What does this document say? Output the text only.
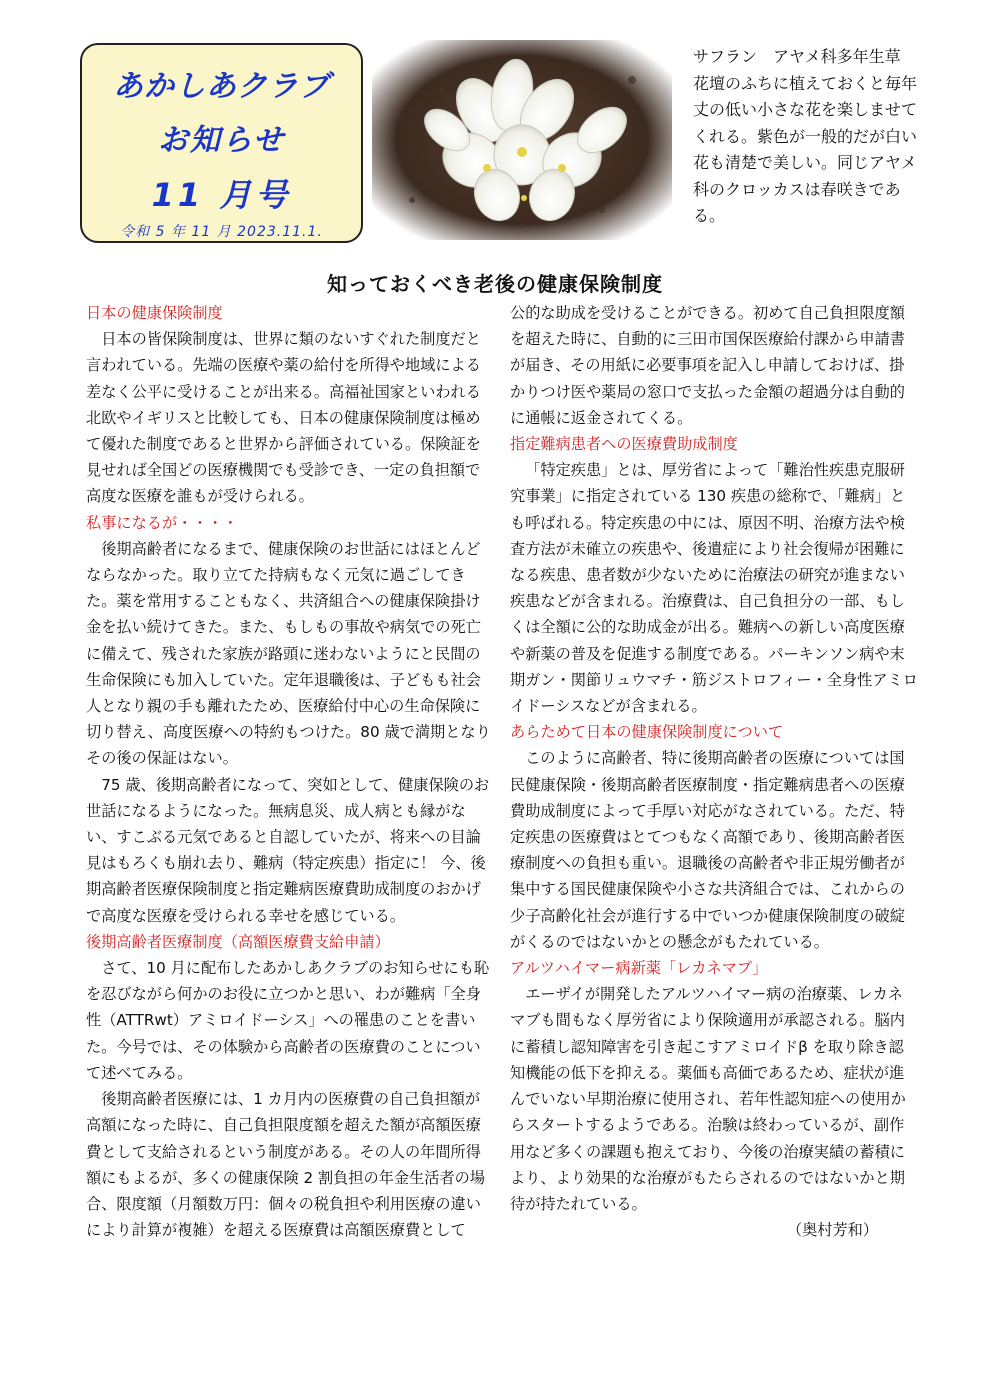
あかしあクラブ
お知らせ
11 月号
令和 5 年 11 月 2023.11.1.
サフラン　アヤメ科多年生草　花壇のふちに植えておくと毎年丈の低い小さな花を楽しませてくれる。紫色が一般的だが白い花も清楚で美しい。同じアヤメ科のクロッカスは春咲きである。
知っておくべき老後の健康保険制度
日本の健康保険制度

日本の皆保険制度は、世界に類のないすぐれた制度だと言われている。先端の医療や薬の給付を所得や地域による差なく公平に受けることが出来る。高福祉国家といわれる北欧やイギリスと比較しても、日本の健康保険制度は極めて優れた制度であると世界から評価されている。保険証を見せれば全国どの医療機関でも受診でき、一定の負担額で高度な医療を誰もが受けられる。

私事になるが・・・・

後期高齢者になるまで、健康保険のお世話にはほとんどならなかった。取り立てた持病もなく元気に過ごしてきた。薬を常用することもなく、共済組合への健康保険掛け金を払い続けてきた。また、もしもの事故や病気での死亡に備えて、残された家族が路頭に迷わないようにと民間の生命保険にも加入していた。定年退職後は、子どもも社会人となり親の手も離れたため、医療給付中心の生命保険に切り替え、高度医療への特約もつけた。80 歳で満期となりその後の保証はない。

75 歳、後期高齢者になって、突如として、健康保険のお世話になるようになった。無病息災、成人病とも縁がない、すこぶる元気であると自認していたが、将来への目論見はもろくも崩れ去り、難病（特定疾患）指定に！ 今、後期高齢者医療保険制度と指定難病医療費助成制度のおかげで高度な医療を受けられる幸せを感じている。

後期高齢者医療制度（高額医療費支給申請）

さて、10 月に配布したあかしあクラブのお知らせにも恥を忍びながら何かのお役に立つかと思い、わが難病「全身性（ATTRwt）アミロイドーシス」への罹患のことを書いた。今号では、その体験から高齢者の医療費のことについて述べてみる。

後期高齢者医療には、1 カ月内の医療費の自己負担額が高額になった時に、自己負担限度額を超えた額が高額医療費として支給されるという制度がある。その人の年間所得額にもよるが、多くの健康保険 2 割負担の年金生活者の場合、限度額（月額数万円：個々の税負担や利用医療の違いにより計算が複雑）を超える医療費は高額医療費として

公的な助成を受けることができる。初めて自己負担限度額を超えた時に、自動的に三田市国保医療給付課から申請書が届き、その用紙に必要事項を記入し申請しておけば、掛かりつけ医や薬局の窓口で支払った金額の超過分は自動的に通帳に返金されてくる。

指定難病患者への医療費助成制度

「特定疾患」とは、厚労省によって「難治性疾患克服研究事業」に指定されている 130 疾患の総称で、「難病」とも呼ばれる。特定疾患の中には、原因不明、治療方法や検査方法が未確立の疾患や、後遺症により社会復帰が困難になる疾患、患者数が少ないために治療法の研究が進まない疾患などが含まれる。治療費は、自己負担分の一部、もしくは全額に公的な助成金が出る。難病への新しい高度医療や新薬の普及を促進する制度である。パーキンソン病や末期ガン・関節リュウマチ・筋ジストロフィー・全身性アミロイドーシスなどが含まれる。

あらためて日本の健康保険制度について

このように高齢者、特に後期高齢者の医療については国民健康保険・後期高齢者医療制度・指定難病患者への医療費助成制度によって手厚い対応がなされている。ただ、特定疾患の医療費はとてつもなく高額であり、後期高齢者医療制度への負担も重い。退職後の高齢者や非正規労働者が集中する国民健康保険や小さな共済組合では、これからの少子高齢化社会が進行する中でいつか健康保険制度の破綻がくるのではないかとの懸念がもたれている。

アルツハイマー病新薬「レカネマブ」

エーザイが開発したアルツハイマー病の治療薬、レカネマブも間もなく厚労省により保険適用が承認される。脳内に蓄積し認知障害を引き起こすアミロイドβ を取り除き認知機能の低下を抑える。薬価も高価であるため、症状が進んでいない早期治療に使用され、若年性認知症への使用からスタートするようである。治験は終わっているが、副作用など多くの課題も抱えており、今後の治療実績の蓄積により、より効果的な治療がもたらされるのではないかと期待が持たれている。

（奥村芳和）
